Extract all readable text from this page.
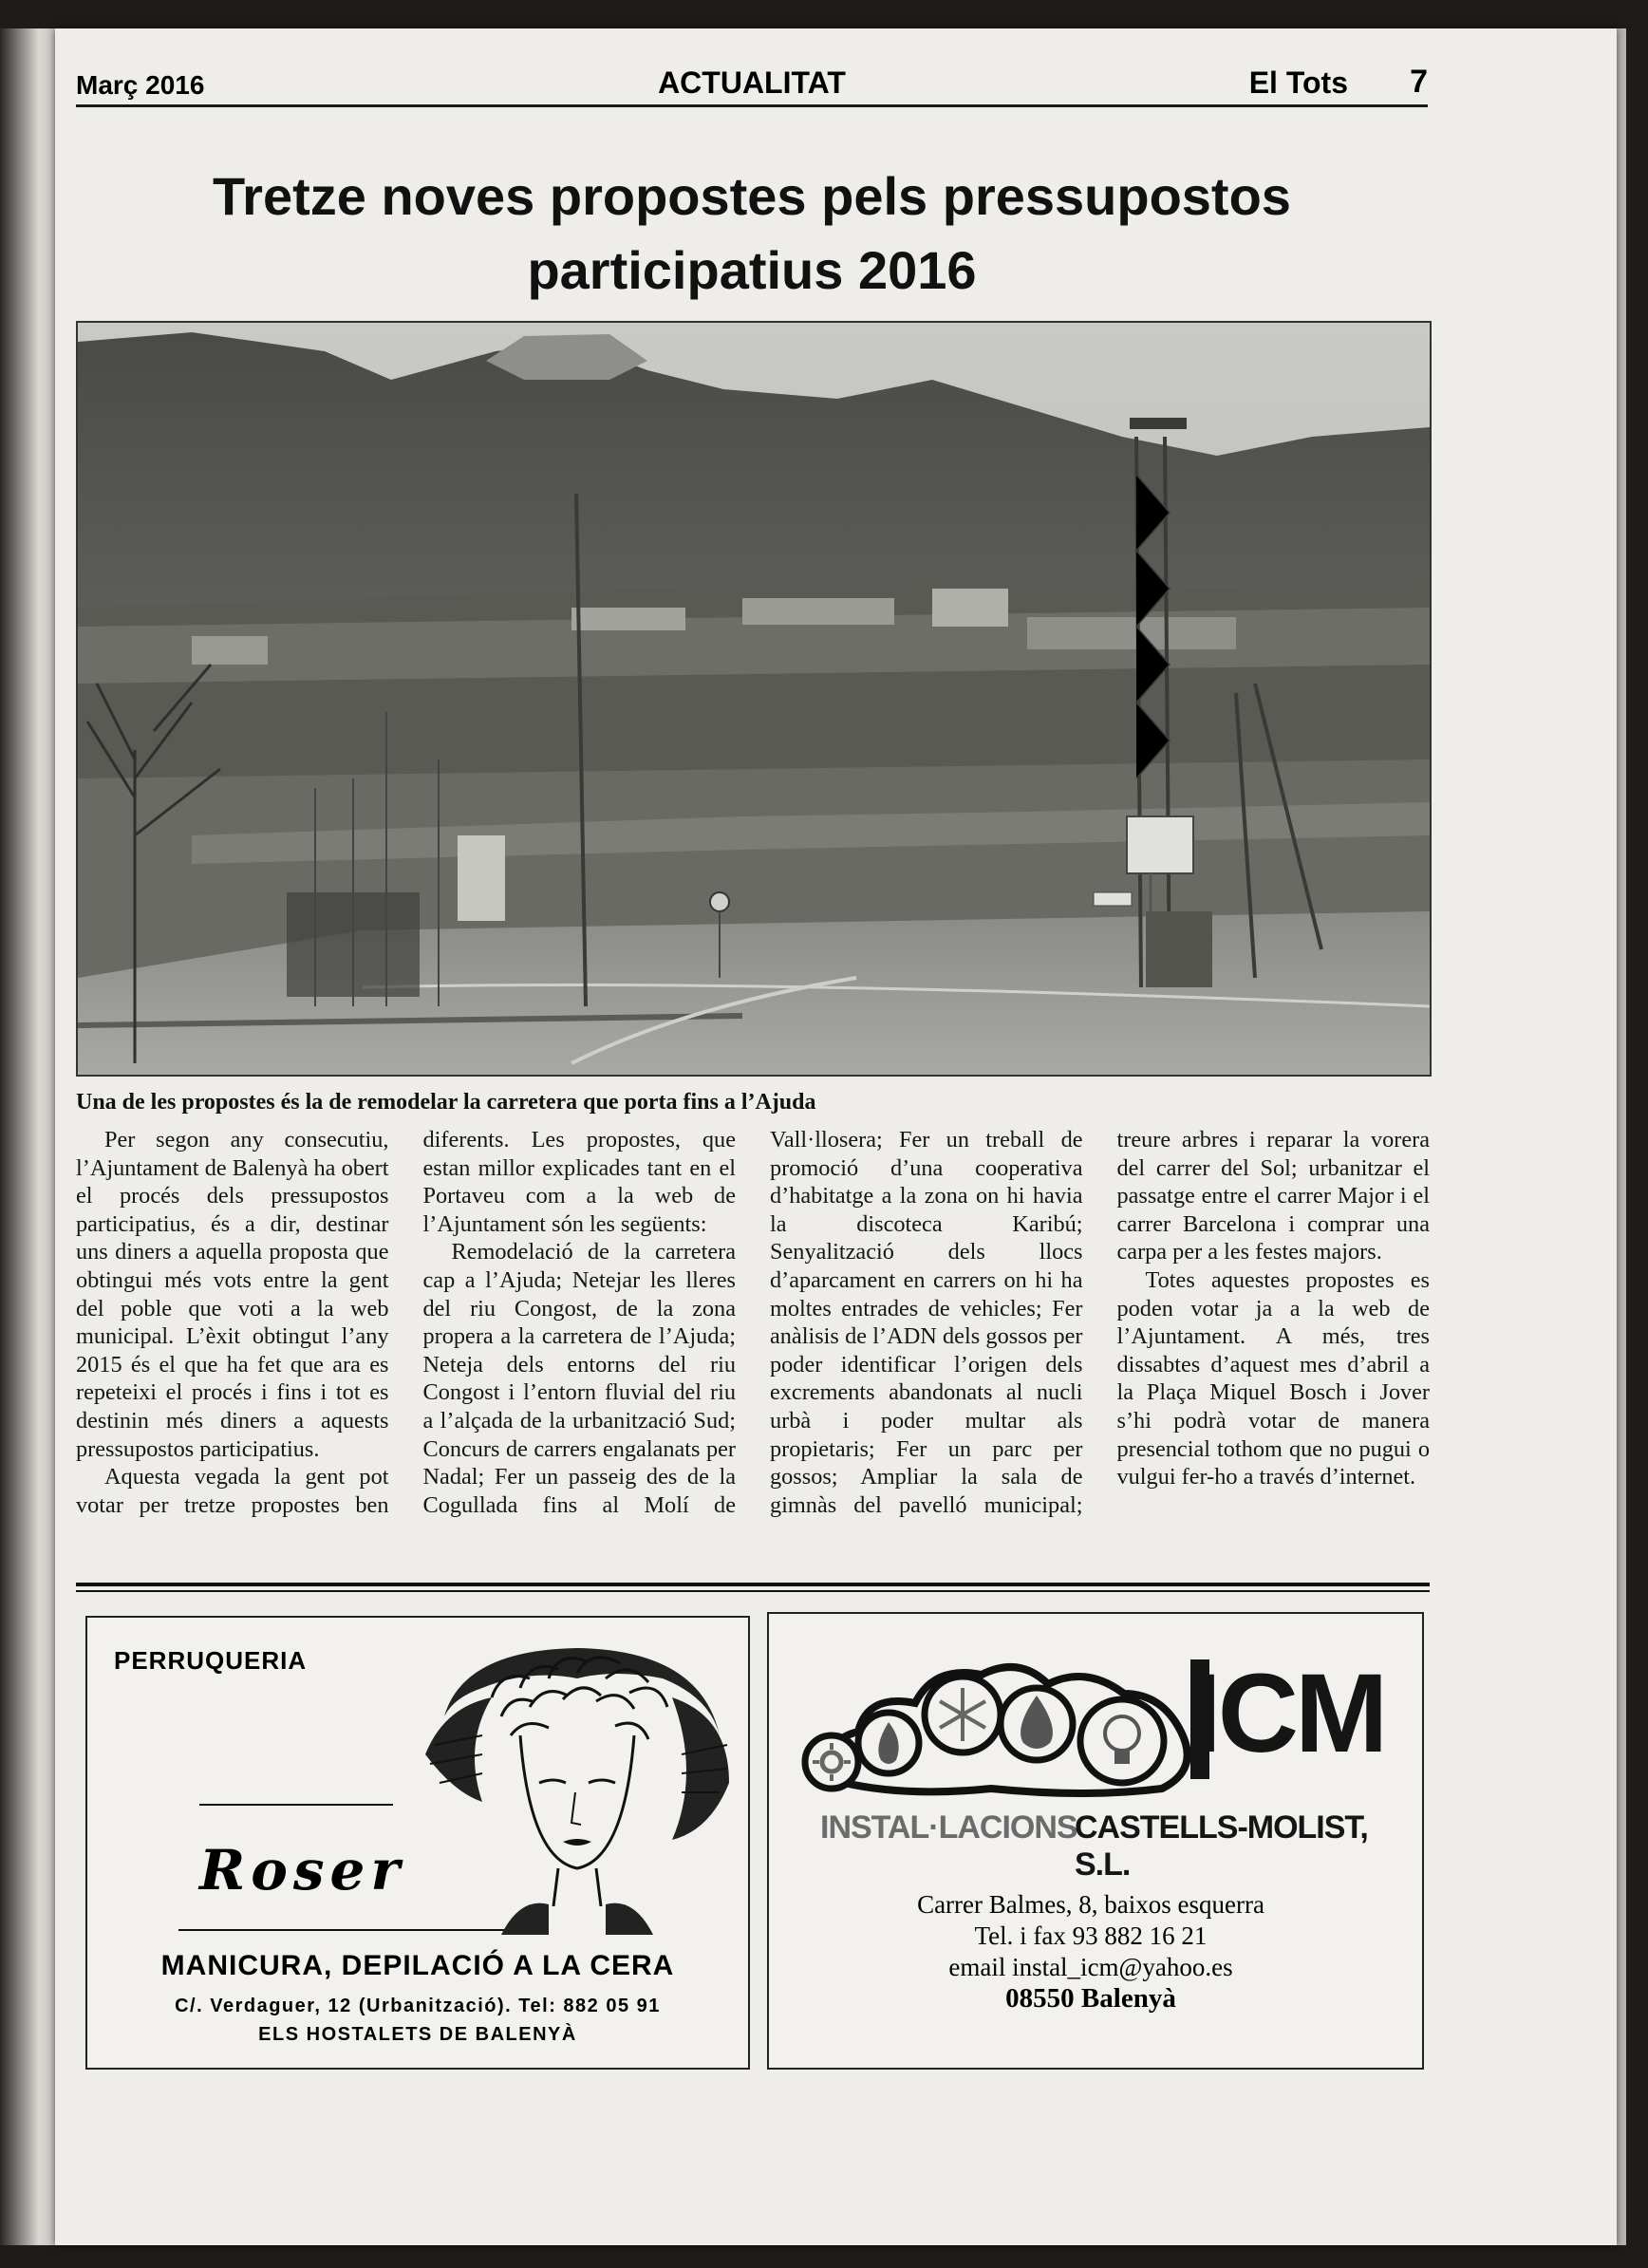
Març 2016	ACTUALITAT	El Tots 7
Tretze noves propostes pels pressupostos
participatius 2016
Una de les propostes és la de remodelar la carretera que porta fins a l’Ajuda

Per segon any consecutiu, l’Ajuntament de Balenyà ha obert el procés dels pressupostos participatius, és a dir, destinar uns diners a aquella proposta que obtingui més vots entre la gent del poble que voti a la web municipal. L’èxit obtingut l’any 2015 és el que ha fet que ara es repeteixi el procés i fins i tot es destinin més diners a aquests pressupostos participatius.

Aquesta vegada la gent pot votar per tretze propostes ben diferents. Les propostes, que estan millor explicades tant en el Portaveu com a la web de l’Ajuntament són les següents:

Remodelació de la carretera cap a l’Ajuda; Netejar les lleres del riu Congost, de la zona propera a la carretera de l’Ajuda; Neteja dels entorns del riu Congost i l’entorn fluvial del riu a l’alçada de la urbanització Sud; Concurs de carrers engalanats per Nadal; Fer un passeig des de la Cogullada fins al Molí de Vall·llosera; Fer un treball de promoció d’una cooperativa d’habitatge a la zona on hi havia la discoteca Karibú; Senyalització dels llocs d’aparcament en carrers on hi ha moltes entrades de vehicles; Fer anàlisis de l’ADN dels gossos per poder identificar l’origen dels excrements abandonats al nucli urbà i poder multar als propietaris; Fer un parc per gossos; Ampliar la sala de gimnàs del pavelló municipal; treure arbres i reparar la vorera del carrer del Sol; urbanitzar el passatge entre el carrer Major i el carrer Barcelona i comprar una carpa per a les festes majors.

Totes aquestes propostes es poden votar ja a la web de l’Ajuntament. A més, tres dissabtes d’aquest mes d’abril a la Plaça Miquel Bosch i Jover s’hi podrà votar de manera presencial tothom que no pugui o vulgui fer-ho a través d’internet.

PERRUQUERIA
Roser
MANICURA, DEPILACIÓ A LA CERA
C/. Verdaguer, 12 (Urbanització). Tel: 882 05 91
ELS HOSTALETS DE BALENYÀ
ICM
INSTAL·LACIONS
CASTELLS-MOLIST, S.L.
Carrer Balmes, 8, baixos esquerra
Tel. i fax 93 882 16 21
email instal_icm@yahoo.es
08550 Balenyà
